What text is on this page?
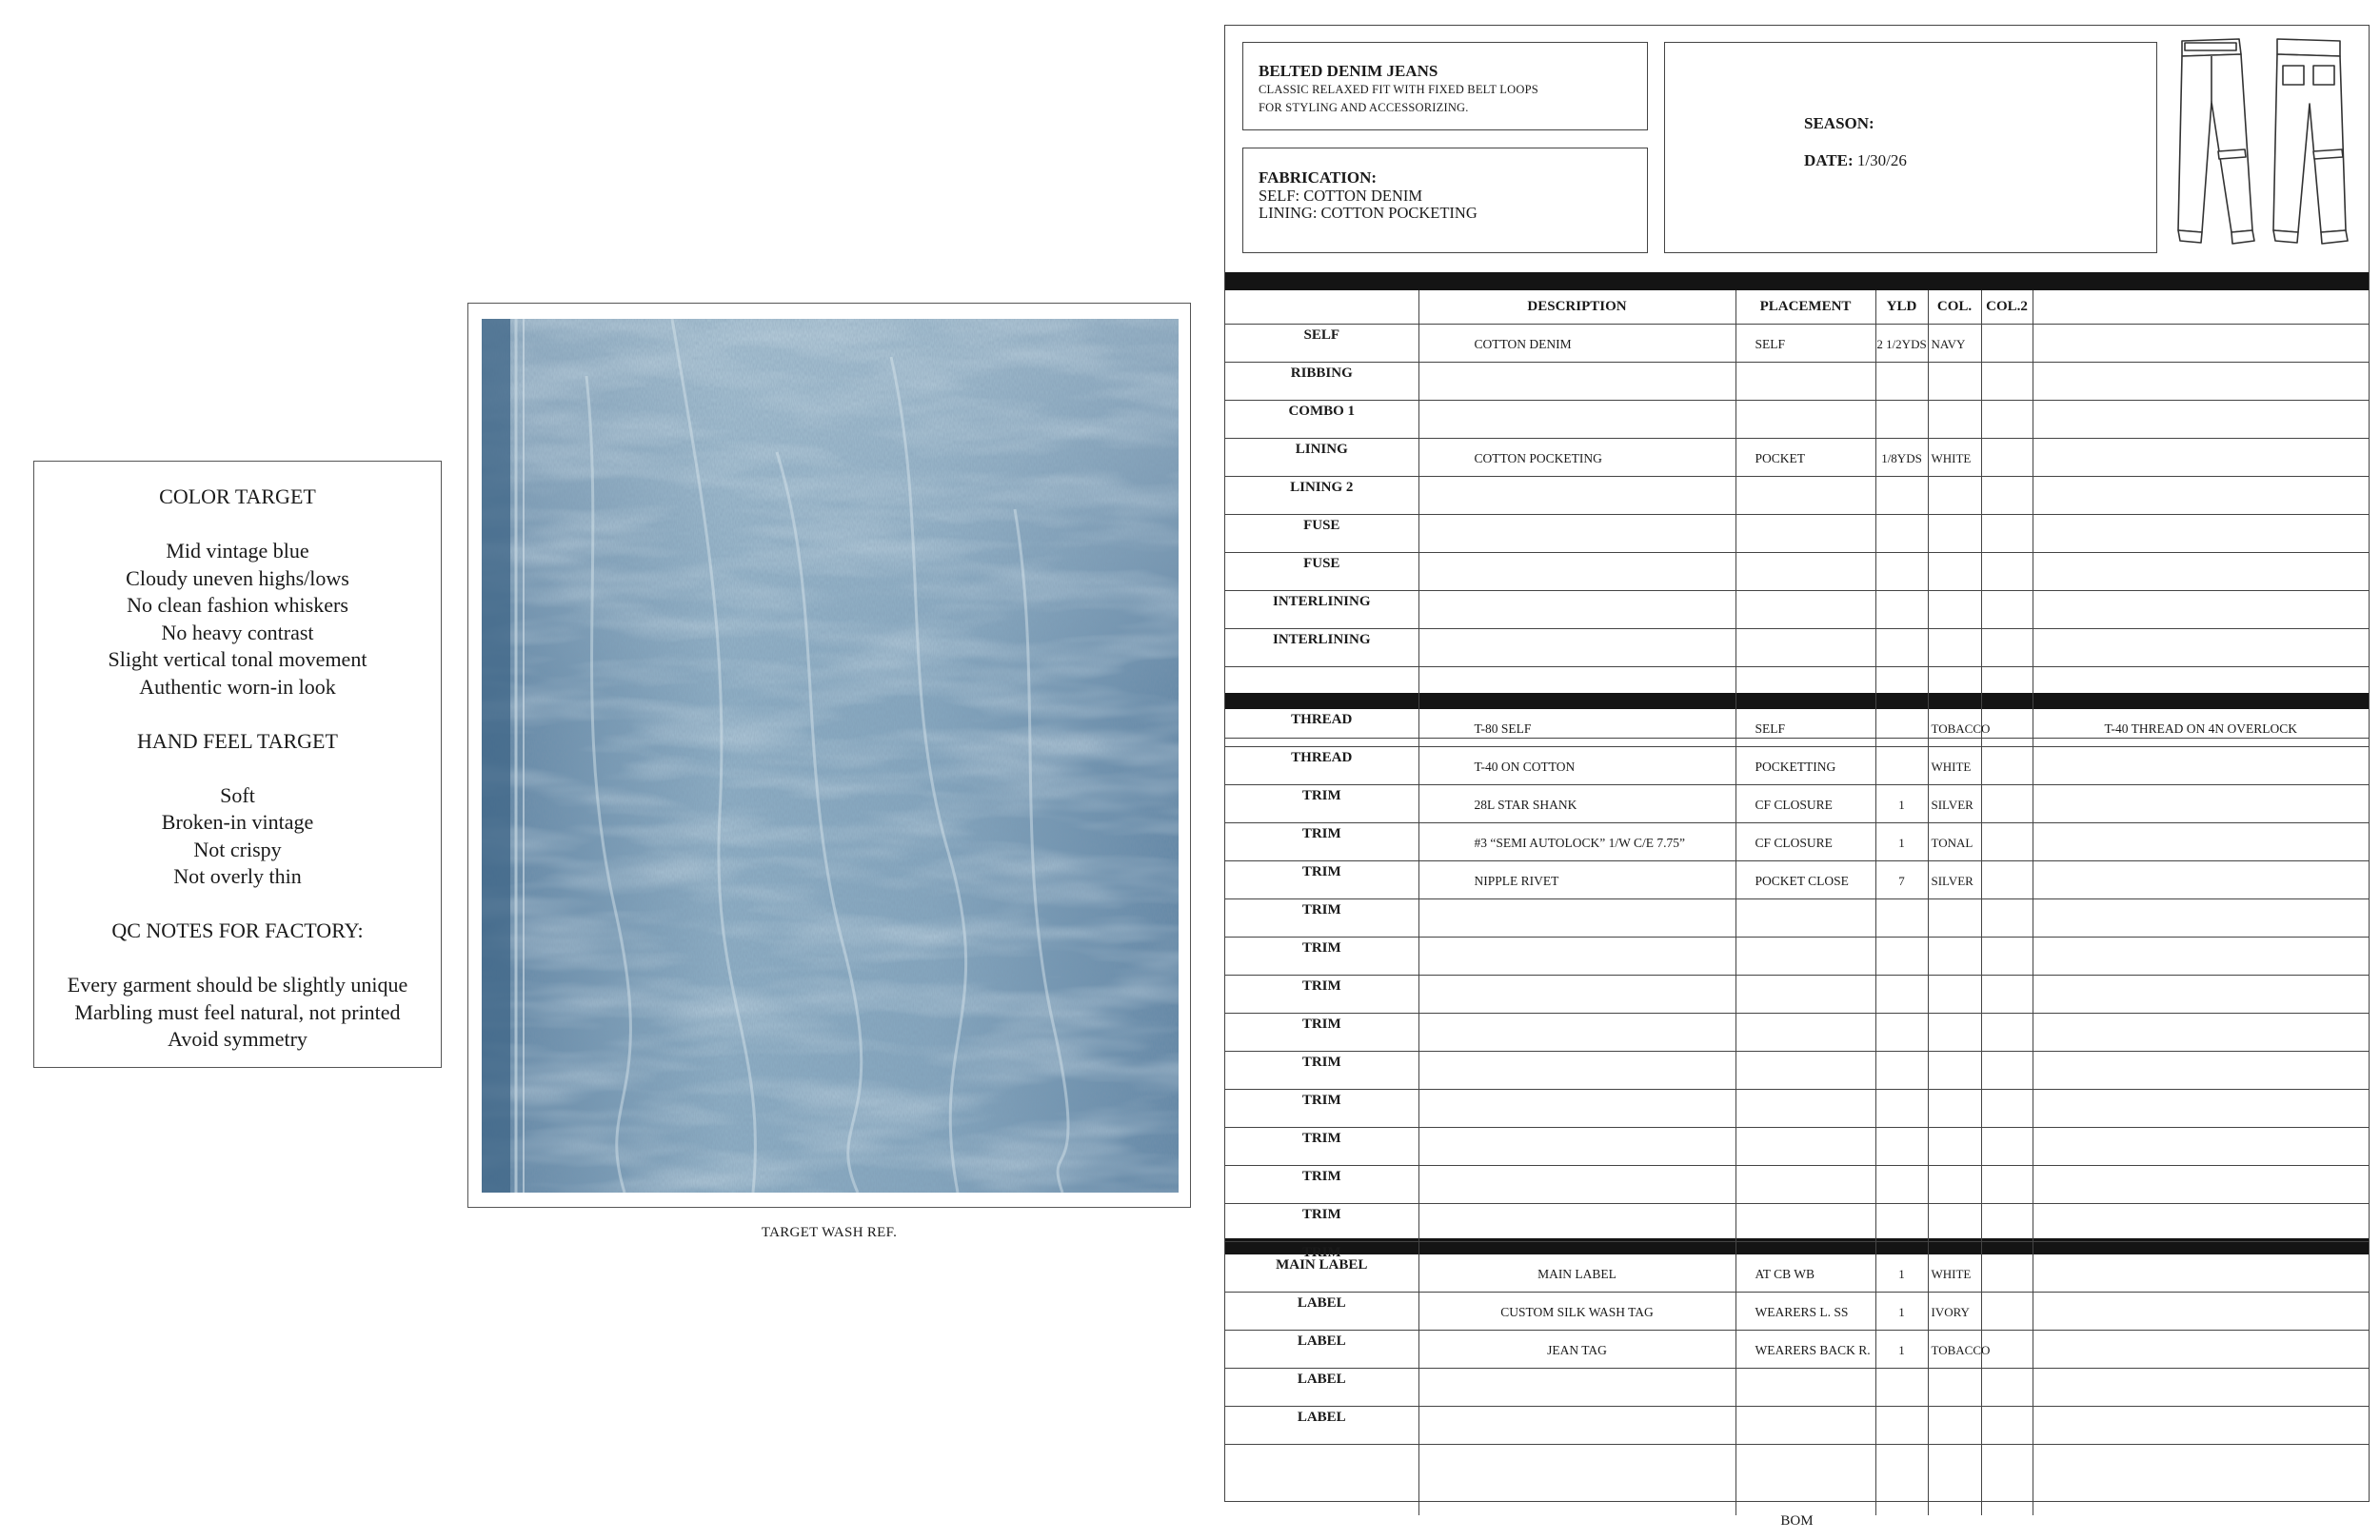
COLOR TARGET
Mid vintage blue
Cloudy uneven highs/lows
No clean fashion whiskers
No heavy contrast
Slight vertical tonal movement
Authentic worn-in look
HAND FEEL TARGET
Soft
Broken-in vintage
Not crispy
Not overly thin
QC NOTES FOR FACTORY:
Every garment should be slightly unique
Marbling must feel natural, not printed
Avoid symmetry
TARGET WASH REF.
BELTED DENIM JEANS
CLASSIC RELAXED FIT WITH FIXED BELT LOOPS
FOR STYLING AND ACCESSORIZING.
FABRICATION:
SELF: COTTON DENIM
LINING: COTTON POCKETING
SEASON:
DATE: 1/30/26
	DESCRIPTION	PLACEMENT	YLD	COL.	COL.2	
SELF	COTTON DENIM	SELF	2 1/2YDS	NAVY		
RIBBING						
COMBO 1						
LINING	COTTON POCKETING	POCKET	1/8YDS	WHITE		
LINING 2						
FUSE						
FUSE						
INTERLINING						
INTERLINING						

THREAD	T-80 SELF	SELF		TOBACCO		T-40 THREAD ON 4N OVERLOCK
THREAD	T-40 ON COTTON	POCKETTING		WHITE		
TRIM	28L STAR SHANK	CF CLOSURE	1	SILVER		
TRIM	#3 “SEMI AUTOLOCK” 1/W C/E 7.75”	CF CLOSURE	1	TONAL		
TRIM	NIPPLE RIVET	POCKET CLOSE	7	SILVER		
TRIM						
TRIM						
TRIM						
TRIM						
TRIM						
TRIM						
TRIM						
TRIM						
TRIM						
TRIM						
MAIN LABEL	MAIN LABEL	AT CB WB	1	WHITE		
LABEL	CUSTOM SILK WASH TAG	WEARERS L. SS	1	IVORY		
LABEL	JEAN TAG	WEARERS BACK R.	1	TOBACCO		
LABEL						
LABEL						

BOM
